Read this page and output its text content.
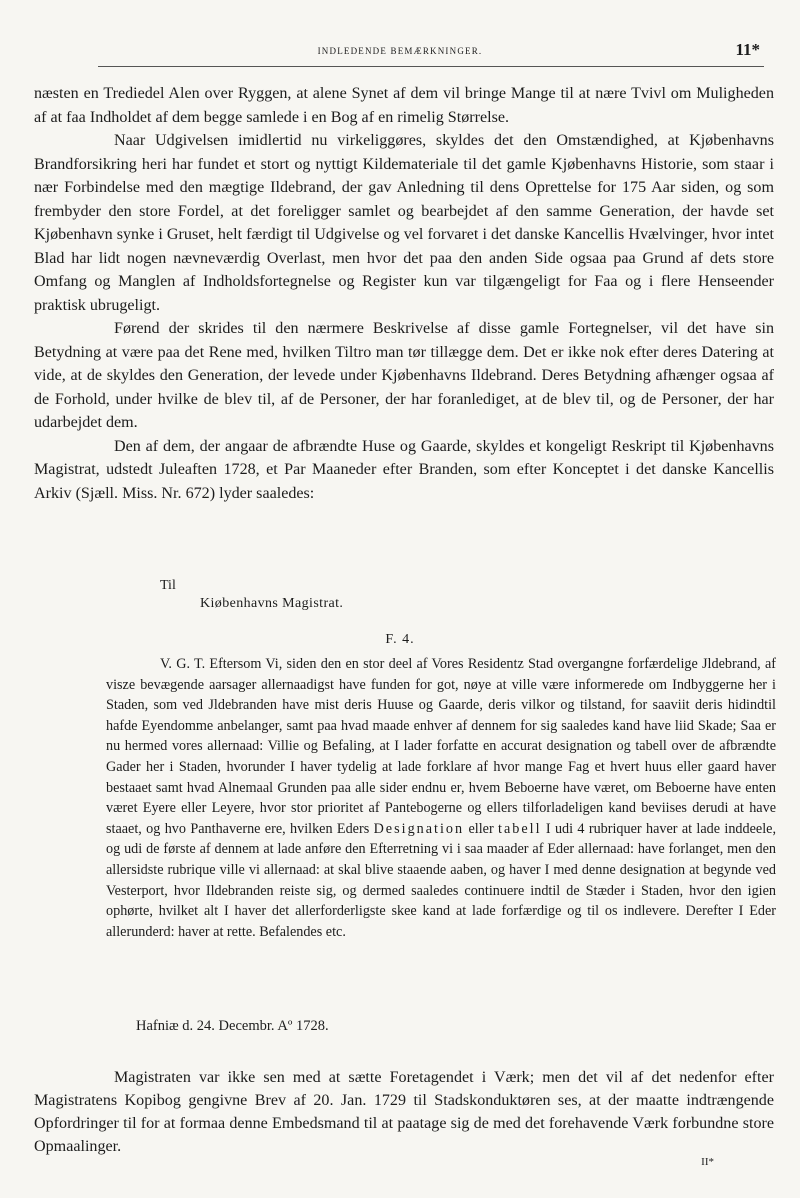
INDLEDENDE BEMÆRKNINGER.	11*

næsten en Trediedel Alen over Ryggen, at alene Synet af dem vil bringe Mange til at nære Tvivl om Muligheden af at faa Indholdet af dem begge samlede i en Bog af en rimelig Størrelse.

Naar Udgivelsen imidlertid nu virkeliggøres, skyldes det den Omstændighed, at Kjøbenhavns Brandforsikring heri har fundet et stort og nyttigt Kildemateriale til det gamle Kjøbenhavns Historie, som staar i nær Forbindelse med den mægtige Ildebrand, der gav Anledning til dens Oprettelse for 175 Aar siden, og som frembyder den store Fordel, at det foreligger samlet og bearbejdet af den samme Generation, der havde set Kjøbenhavn synke i Gruset, helt færdigt til Udgivelse og vel forvaret i det danske Kancellis Hvælvinger, hvor intet Blad har lidt nogen nævneværdig Overlast, men hvor det paa den anden Side ogsaa paa Grund af dets store Omfang og Manglen af Indholdsfortegnelse og Register kun var tilgængeligt for Faa og i flere Henseender praktisk ubrugeligt.

Førend der skrides til den nærmere Beskrivelse af disse gamle Fortegnelser, vil det have sin Betydning at være paa det Rene med, hvilken Tiltro man tør tillægge dem. Det er ikke nok efter deres Datering at vide, at de skyldes den Generation, der levede under Kjøbenhavns Ildebrand. Deres Betydning afhænger ogsaa af de Forhold, under hvilke de blev til, af de Personer, der har foranlediget, at de blev til, og de Personer, der har udarbejdet dem.

Den af dem, der angaar de afbrændte Huse og Gaarde, skyldes et kongeligt Reskript til Kjøbenhavns Magistrat, udstedt Juleaften 1728, et Par Maaneder efter Branden, som efter Konceptet i det danske Kancellis Arkiv (Sjæll. Miss. Nr. 672) lyder saaledes:

Til
Kiøbenhavns Magistrat.
F. 4.

V. G. T. Eftersom Vi, siden den en stor deel af Vores Residentz Stad overgangne forfærdelige Jldebrand, af visze bevægende aarsager allernaadigst have funden for got, nøye at ville være informerede om Indbyggerne her i Staden, som ved Jldebranden have mist deris Huuse og Gaarde, deris vilkor og tilstand, for saaviit deris hidindtil hafde Eyendomme anbelanger, samt paa hvad maade enhver af dennem for sig saaledes kand have liid Skade; Saa er nu hermed vores allernaad: Villie og Befaling, at I lader forfatte en accurat designation og tabell over de afbrændte Gader her i Staden, hvorunder I haver tydelig at lade forklare af hvor mange Fag et hvert huus eller gaard haver bestaaet samt hvad Alnemaal Grunden paa alle sider endnu er, hvem Beboerne have været, om Beboerne have enten været Eyere eller Leyere, hvor stor prioritet af Pantebogerne og ellers tilforladeligen kand beviises derudi at have staaet, og hvo Panthaverne ere, hvilken Eders Designation eller tabell I udi 4 rubriquer haver at lade inddeele, og udi de første af dennem at lade anføre den Efterretning vi i saa maader af Eder allernaad: have forlanget, men den allersidste rubrique ville vi allernaad: at skal blive staaende aaben, og haver I med denne designation at begynde ved Vesterport, hvor Ildebranden reiste sig, og dermed saaledes continuere indtil de Stæder i Staden, hvor den igien ophørte, hvilket alt I haver det allerforderligste skee kand at lade forfærdige og til os indlevere. Derefter I Eder allerunderd: haver at rette. Befalendes etc.

Hafniæ d. 24. Decembr. Aº 1728.

Magistraten var ikke sen med at sætte Foretagendet i Værk; men det vil af det nedenfor efter Magistratens Kopibog gengivne Brev af 20. Jan. 1729 til Stadskonduktøren ses, at der maatte indtrængende Opfordringer til for at formaa denne Embedsmand til at paatage sig de med det forehavende Værk forbundne store Opmaalinger.

II*
